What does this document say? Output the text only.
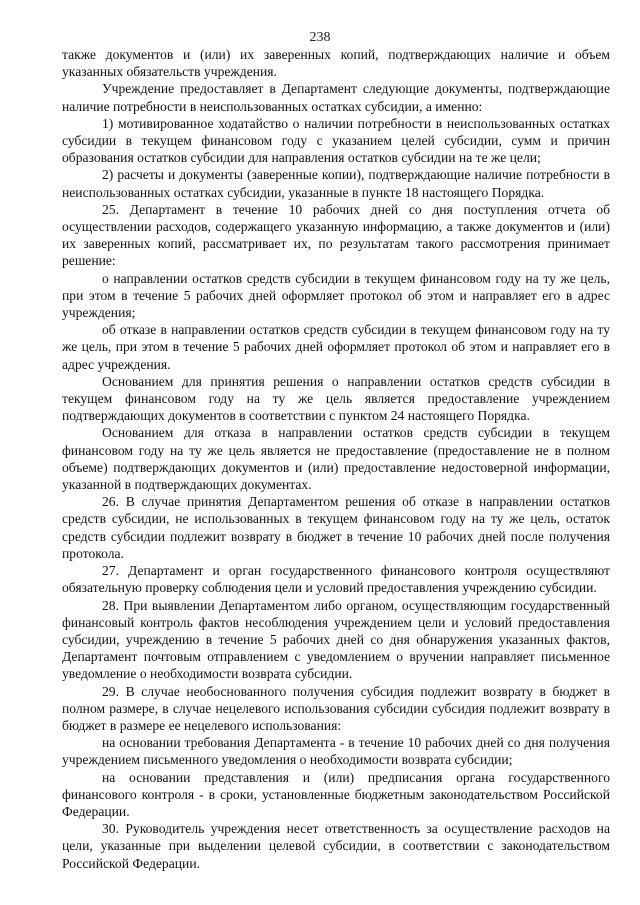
238

также документов и (или) их заверенных копий, подтверждающих наличие и объем указанных обязательств учреждения.

Учреждение предоставляет в Департамент следующие документы, подтверждающие наличие потребности в неиспользованных остатках субсидии, а именно:

1) мотивированное ходатайство о наличии потребности в неиспользованных остатках субсидии в текущем финансовом году с указанием целей субсидии, сумм и причин образования остатков субсидии для направления остатков субсидии на те же цели;

2) расчеты и документы (заверенные копии), подтверждающие наличие потребности в неиспользованных остатках субсидии, указанные в пункте 18 настоящего Порядка.

25. Департамент в течение 10 рабочих дней со дня поступления отчета об осуществлении расходов, содержащего указанную информацию, а также документов и (или) их заверенных копий, рассматривает их, по результатам такого рассмотрения принимает решение:

о направлении остатков средств субсидии в текущем финансовом году на ту же цель, при этом в течение 5 рабочих дней оформляет протокол об этом и направляет его в адрес учреждения;

об отказе в направлении остатков средств субсидии в текущем финансовом году на ту же цель, при этом в течение 5 рабочих дней оформляет протокол об этом и направляет его в адрес учреждения.

Основанием для принятия решения о направлении остатков средств субсидии в текущем финансовом году на ту же цель является предоставление учреждением подтверждающих документов в соответствии с пунктом 24 настоящего Порядка.

Основанием для отказа в направлении остатков средств субсидии в текущем финансовом году на ту же цель является не предоставление (предоставление не в полном объеме) подтверждающих документов и (или) предоставление недостоверной информации, указанной в подтверждающих документах.

26. В случае принятия Департаментом решения об отказе в направлении остатков средств субсидии, не использованных в текущем финансовом году на ту же цель, остаток средств субсидии подлежит возврату в бюджет в течение 10 рабочих дней после получения протокола.

27. Департамент и орган государственного финансового контроля осуществляют обязательную проверку соблюдения цели и условий предоставления учреждению субсидии.

28. При выявлении Департаментом либо органом, осуществляющим государственный финансовый контроль фактов несоблюдения учреждением цели и условий предоставления субсидии, учреждению в течение 5 рабочих дней со дня обнаружения указанных фактов, Департамент почтовым отправлением с уведомлением о вручении направляет письменное уведомление о необходимости возврата субсидии.

29. В случае необоснованного получения субсидия подлежит возврату в бюджет в полном размере, в случае нецелевого использования субсидии субсидия подлежит возврату в бюджет в размере ее нецелевого использования:

на основании требования Департамента - в течение 10 рабочих дней со дня получения учреждением письменного уведомления о необходимости возврата субсидии;

на основании представления и (или) предписания органа государственного финансового контроля - в сроки, установленные бюджетным законодательством Российской Федерации.

30. Руководитель учреждения несет ответственность за осуществление расходов на цели, указанные при выделении целевой субсидии, в соответствии с законодательством Российской Федерации.
